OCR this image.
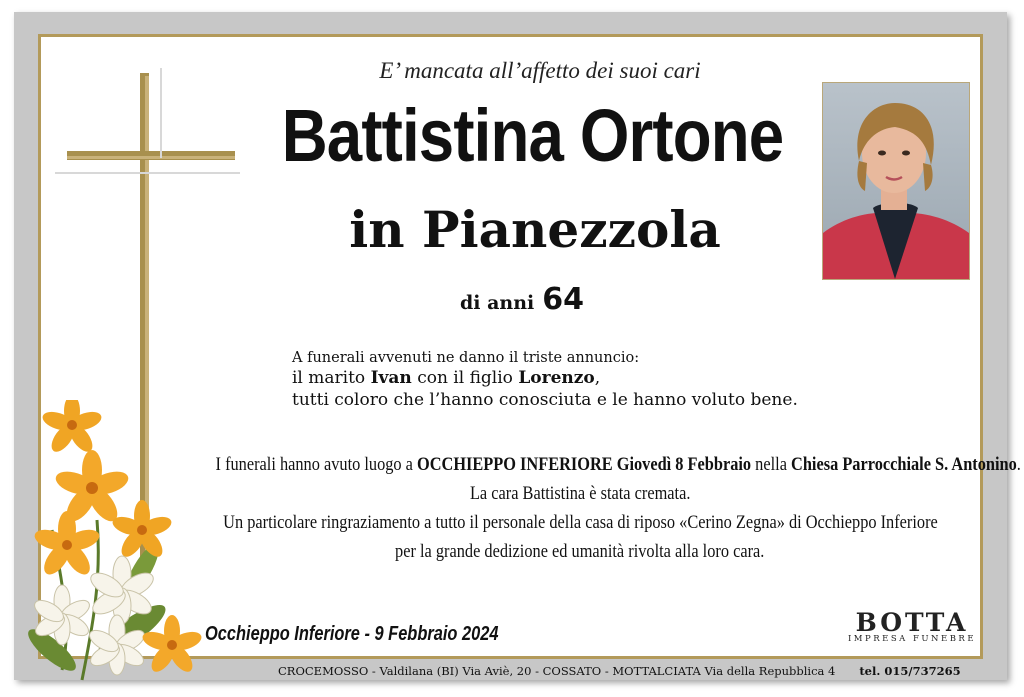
E’ mancata all’affetto dei suoi cari
Battistina Ortone
in Pianezzola
di anni 64
A funerali avvenuti ne danno il triste annuncio:
il marito Ivan con il figlio Lorenzo,
tutti coloro che l’hanno conosciuta e le hanno voluto bene.
I funerali hanno avuto luogo a OCCHIEPPO INFERIORE Giovedì 8 Febbraio nella Chiesa Parrocchiale S. Antonino.
La cara Battistina è stata cremata.
Un particolare ringraziamento a tutto il personale della casa di riposo «Cerino Zegna» di Occhieppo Inferiore
per la grande dedizione ed umanità rivolta alla loro cara.
Occhieppo Inferiore - 9 Febbraio 2024	BOTTA
IMPRESA FUNEBRE
CROCEMOSSO - Valdilana (BI) Via Aviè, 20 - COSSATO - MOTTALCIATA Via della Repubblica 4 tel. 015/737265
